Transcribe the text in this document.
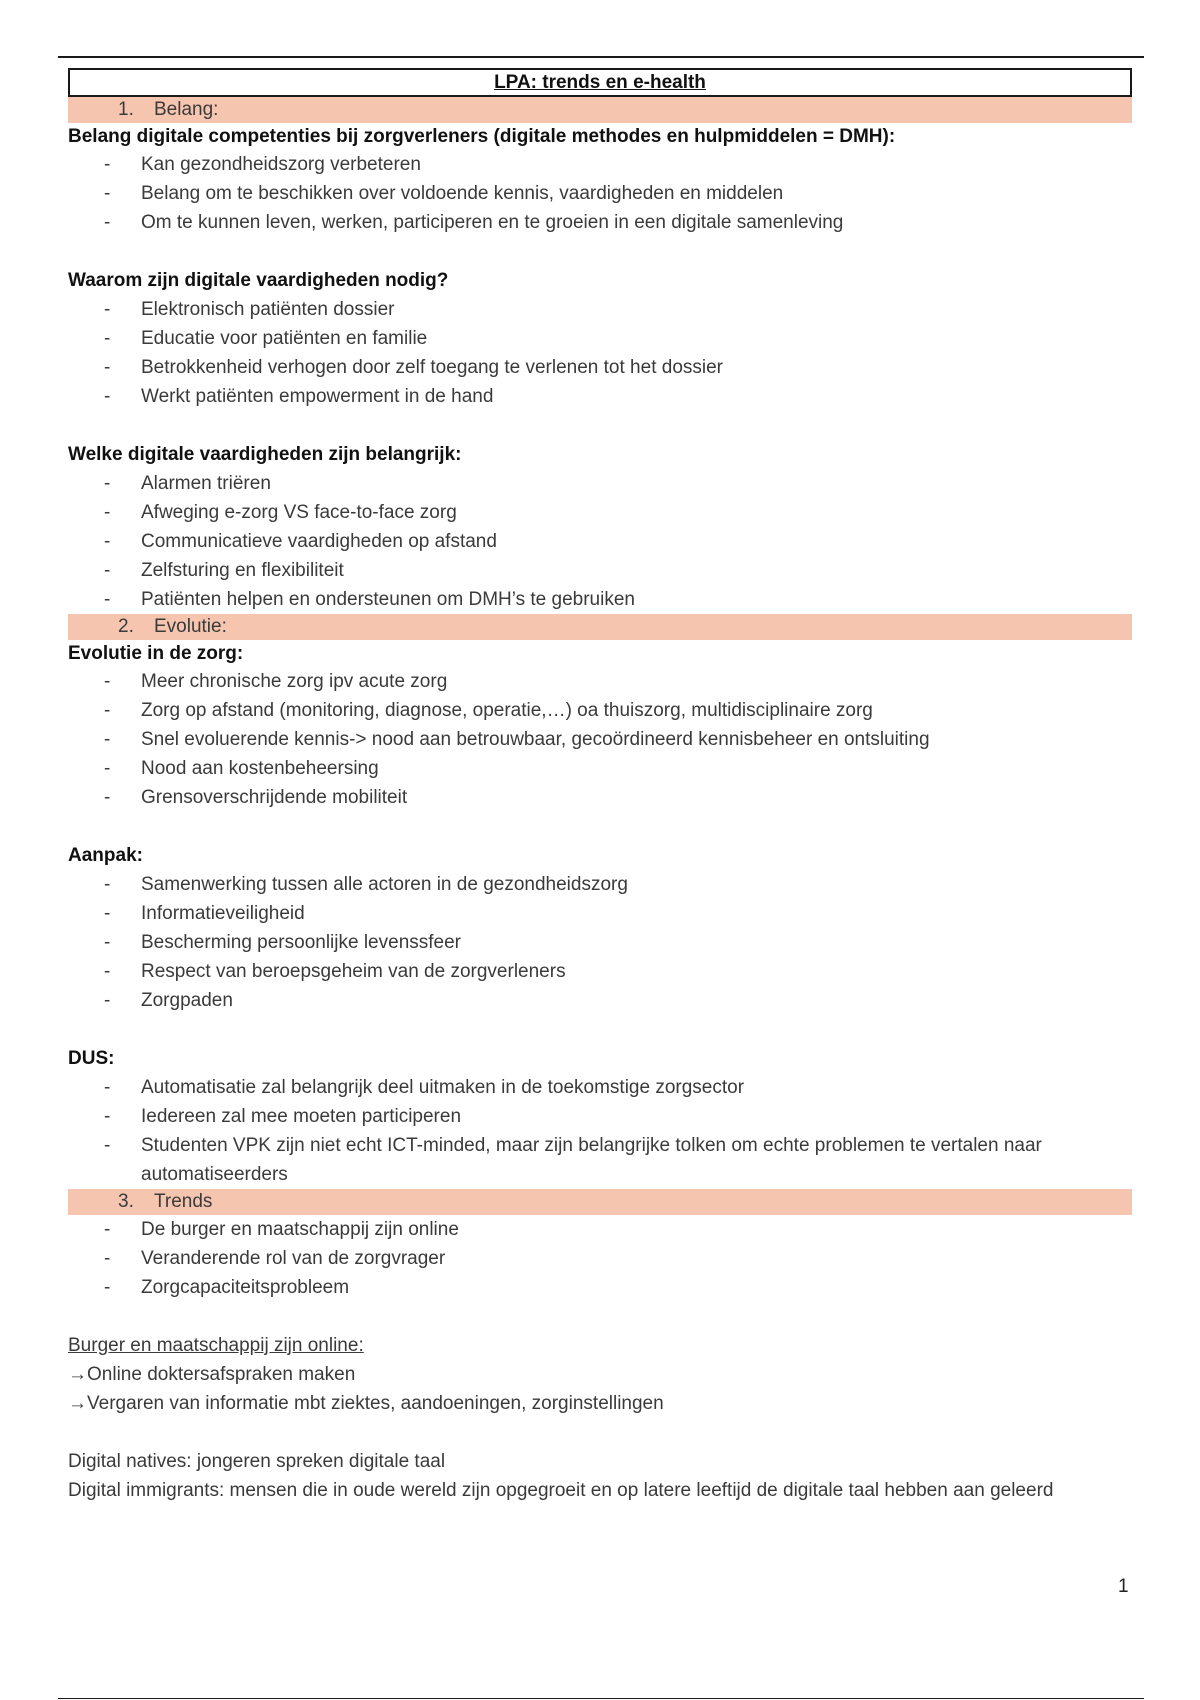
LPA: trends en e-health
1.	Belang:
Belang digitale competenties bij zorgverleners (digitale methodes en hulpmiddelen = DMH):
- Kan gezondheidszorg verbeteren
- Belang om te beschikken over voldoende kennis, vaardigheden en middelen
- Om te kunnen leven, werken, participeren en te groeien in een digitale samenleving
Waarom zijn digitale vaardigheden nodig?
- Elektronisch patiënten dossier
- Educatie voor patiënten en familie
- Betrokkenheid verhogen door zelf toegang te verlenen tot het dossier
- Werkt patiënten empowerment in de hand
Welke digitale vaardigheden zijn belangrijk:
- Alarmen triëren
- Afweging e-zorg VS face-to-face zorg
- Communicatieve vaardigheden op afstand
- Zelfsturing en flexibiliteit
- Patiënten helpen en ondersteunen om DMH’s te gebruiken
2.	Evolutie:
Evolutie in de zorg:
- Meer chronische zorg ipv acute zorg
- Zorg op afstand (monitoring, diagnose, operatie,…) oa thuiszorg, multidisciplinaire zorg
- Snel evoluerende kennis-> nood aan betrouwbaar, gecoördineerd kennisbeheer en ontsluiting
- Nood aan kostenbeheersing
- Grensoverschrijdende mobiliteit
Aanpak:
- Samenwerking tussen alle actoren in de gezondheidszorg
- Informatieveiligheid
- Bescherming persoonlijke levenssfeer
- Respect van beroepsgeheim van de zorgverleners
- Zorgpaden
DUS:
- Automatisatie zal belangrijk deel uitmaken in de toekomstige zorgsector
- Iedereen zal mee moeten participeren
- Studenten VPK zijn niet echt ICT-minded, maar zijn belangrijke tolken om echte problemen te vertalen naar automatiseerders
3.	Trends
- De burger en maatschappij zijn online
- Veranderende rol van de zorgvrager
- Zorgcapaciteitsprobleem
Burger en maatschappij zijn online:
→Online doktersafspraken maken
→Vergaren van informatie mbt ziektes, aandoeningen, zorginstellingen
Digital natives: jongeren spreken digitale taal
Digital immigrants: mensen die in oude wereld zijn opgegroeit en op latere leeftijd de digitale taal hebben aan geleerd
1
